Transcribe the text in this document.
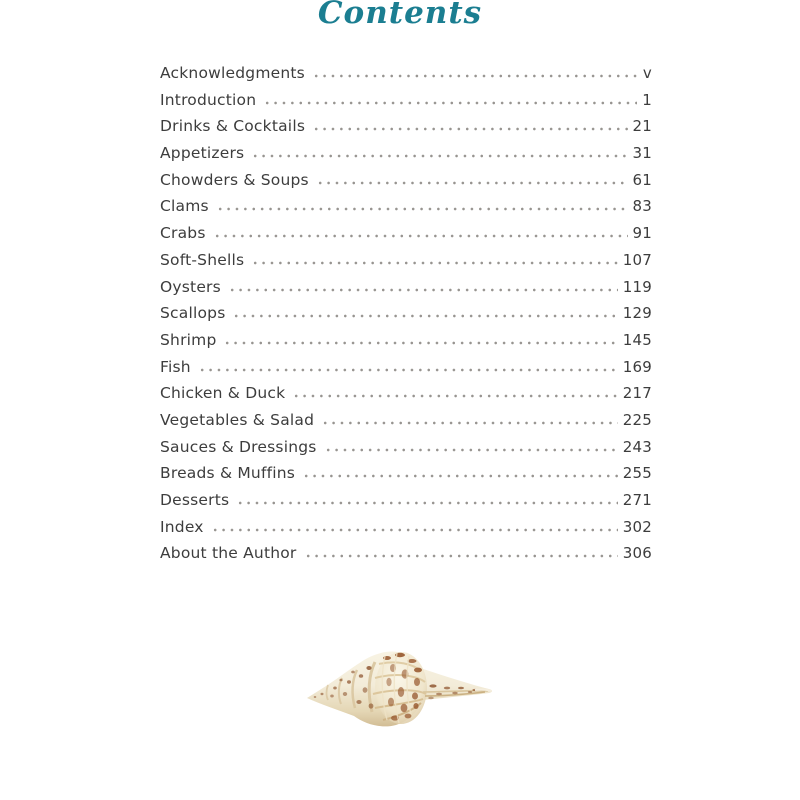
Contents
Acknowledgments	v
Introduction	1
Drinks & Cocktails	21
Appetizers	31
Chowders & Soups	61
Clams	83
Crabs	91
Soft-Shells	107
Oysters	119
Scallops	129
Shrimp	145
Fish	169
Chicken & Duck	217
Vegetables & Salad	225
Sauces & Dressings	243
Breads & Muffins	255
Desserts	271
Index	302
About the Author	306
